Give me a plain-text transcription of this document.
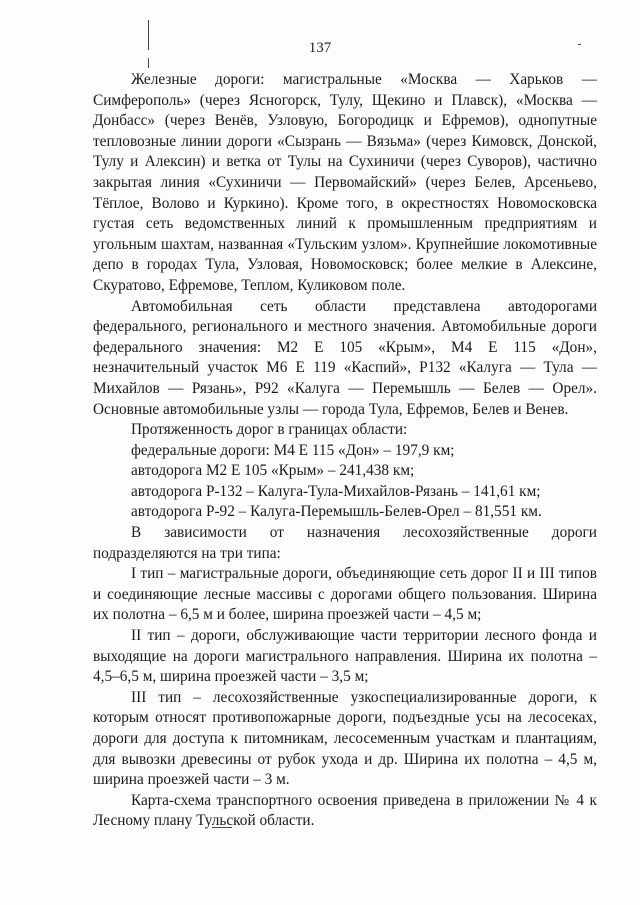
137

Железные дороги: магистральные «Москва — Харьков — Симферополь» (через Ясногорск, Тулу, Щекино и Плавск), «Москва — Донбасс» (через Венёв, Узловую, Богородицк и Ефремов), однопутные тепловозные линии дороги «Сызрань — Вязьма» (через Кимовск, Донской, Тулу и Алексин) и ветка от Тулы на Сухиничи (через Суворов), частично закрытая линия «Сухиничи — Первомайский» (через Белев, Арсеньево, Тёплое, Волово и Куркино). Кроме того, в окрестностях Новомосковска густая сеть ведомственных линий к промышленным предприятиям и угольным шахтам, названная «Тульским узлом». Крупнейшие локомотивные депо в городах Тула, Узловая, Новомосковск; более мелкие в Алексине, Скуратово, Ефремове, Теплом, Куликовом поле.

Автомобильная сеть области представлена автодорогами федерального, регионального и местного значения. Автомобильные дороги федерального значения: М2 Е 105 «Крым», М4 Е 115 «Дон», незначительный участок М6 Е 119 «Каспий», Р132 «Калуга — Тула — Михайлов — Рязань», Р92 «Калуга — Перемышль — Белев — Орел». Основные автомобильные узлы — города Тула, Ефремов, Белев и Венев.

Протяженность дорог в границах области:

федеральные дороги: М4 Е 115 «Дон» – 197,9 км;

автодорога М2 Е 105 «Крым» – 241,438 км;

автодорога Р-132 – Калуга-Тула-Михайлов-Рязань – 141,61 км;

автодорога Р-92 – Калуга-Перемышль-Белев-Орел – 81,551 км.

В зависимости от назначения лесохозяйственные дороги подразделяются на три типа:

I тип – магистральные дороги, объединяющие сеть дорог II и III типов и соединяющие лесные массивы с дорогами общего пользования. Ширина их полотна – 6,5 м и более, ширина проезжей части – 4,5 м;

II тип – дороги, обслуживающие части территории лесного фонда и выходящие на дороги магистрального направления. Ширина их полотна – 4,5–6,5 м, ширина проезжей части – 3,5 м;

III тип – лесохозяйственные узкоспециализированные дороги, к которым относят противопожарные дороги, подъездные усы на лесосеках, дороги для доступа к питомникам, лесосеменным участкам и плантациям, для вывозки древесины от рубок ухода и др. Ширина их полотна – 4,5 м, ширина проезжей части – 3 м.

Карта-схема транспортного освоения приведена в приложении № 4 к Лесному плану Тульской области.
